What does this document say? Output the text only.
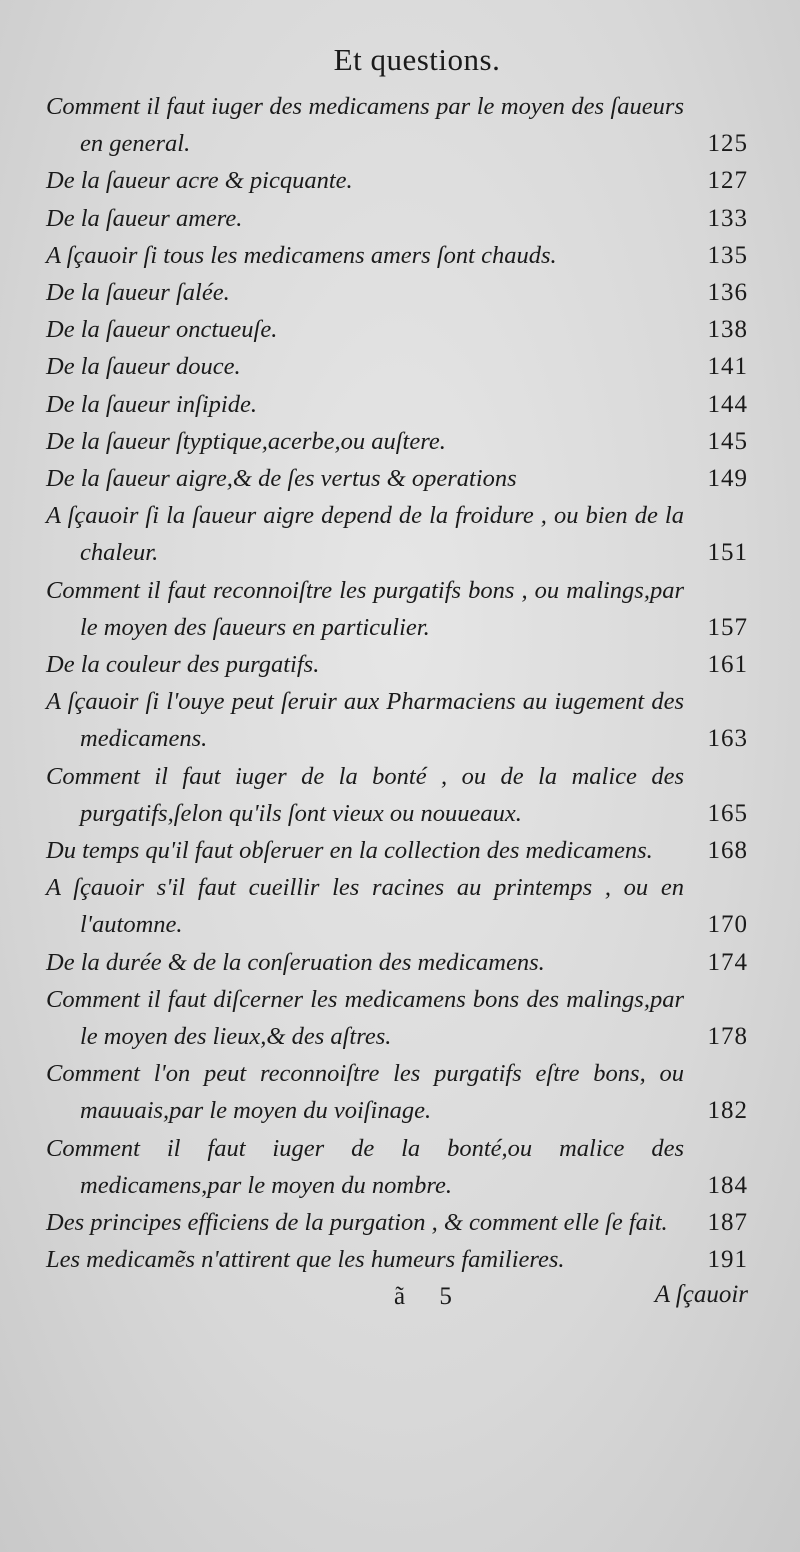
Et questions.
Comment il faut iuger des medicamens par le moyen des ſaueurs en general.	125
De la ſaueur acre & picquante.	127
De la ſaueur amere.	133
A ſçauoir ſi tous les medicamens amers ſont chauds.	135
De la ſaueur ſalée.	136
De la ſaueur onctueuſe.	138
De la ſaueur douce.	141
De la ſaueur inſipide.	144
De la ſaueur ſtyptique,acerbe,ou auſtere.	145
De la ſaueur aigre,& de ſes vertus & operations	149
A ſçauoir ſi la ſaueur aigre depend de la froidure , ou bien de la chaleur.	151
Comment il faut reconnoiſtre les purgatifs bons , ou malings,par le moyen des ſaueurs en particulier.	157
De la couleur des purgatifs.	161
A ſçauoir ſi l'ouye peut ſeruir aux Pharmaciens au iugement des medicamens.	163
Comment il faut iuger de la bonté , ou de la malice des purgatifs,ſelon qu'ils ſont vieux ou nouueaux.	165
Du temps qu'il faut obſeruer en la collection des medicamens. 168
A ſçauoir s'il faut cueillir les racines au printemps , ou en l'automne.	170
De la durée & de la conſeruation des medicamens.	174
Comment il faut diſcerner les medicamens bons des malings,par le moyen des lieux,& des aſtres.	178
Comment l'on peut reconnoiſtre les purgatifs eſtre bons, ou mauuais,par le moyen du voiſinage.	182
Comment il faut iuger de la bonté,ou malice des medicamens,par le moyen du nombre.	184
Des principes efficiens de la purgation , & comment elle ſe fait. 187
Les medicamẽs n'attirent que les humeurs familieres.	191
ã 5	A ſçauoir
